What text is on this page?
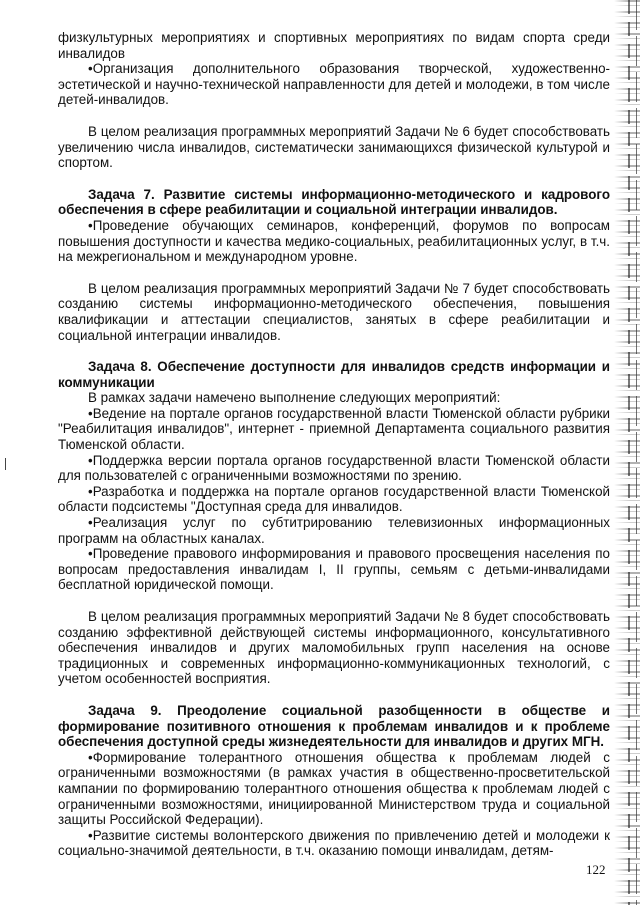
физкультурных мероприятиях и спортивных мероприятиях по видам спорта среди инвалидов

•Организация дополнительного образования творческой, художественно-эстетической и научно-технической направленности для детей и молодежи, в том числе детей-инвалидов.

В целом реализация программных мероприятий Задачи № 6 будет способствовать увеличению числа инвалидов, систематически занимающихся физической культурой и спортом.

Задача 7. Развитие системы информационно-методического и кадрового обеспечения в сфере реабилитации и социальной интеграции инвалидов.

•Проведение обучающих семинаров, конференций, форумов по вопросам повышения доступности и качества медико-социальных, реабилитационных услуг, в т.ч. на межрегиональном и международном уровне.

В целом реализация программных мероприятий Задачи № 7 будет способствовать созданию системы информационно-методического обеспечения, повышения квалификации и аттестации специалистов, занятых в сфере реабилитации и социальной интеграции инвалидов.

Задача 8. Обеспечение доступности для инвалидов средств информации и коммуникации

В рамках задачи намечено выполнение следующих мероприятий:

•Ведение на портале органов государственной власти Тюменской области рубрики "Реабилитация инвалидов", интернет - приемной Департамента социального развития Тюменской области.

•Поддержка версии портала органов государственной власти Тюменской области для пользователей с ограниченными возможностями по зрению.

•Разработка и поддержка на портале органов государственной власти Тюменской области подсистемы "Доступная среда для инвалидов.

•Реализация услуг по субтитрированию телевизионных информационных программ на областных каналах.

•Проведение правового информирования и правового просвещения населения по вопросам предоставления инвалидам I, II группы, семьям с детьми-инвалидами бесплатной юридической помощи.

В целом реализация программных мероприятий Задачи № 8 будет способствовать созданию эффективной действующей системы информационного, консультативного обеспечения инвалидов и других маломобильных групп населения на основе традиционных и современных информационно-коммуникационных технологий, с учетом особенностей восприятия.

Задача 9. Преодоление социальной разобщенности в обществе и формирование позитивного отношения к проблемам инвалидов и к проблеме обеспечения доступной среды жизнедеятельности для инвалидов и других МГН.

•Формирование толерантного отношения общества к проблемам людей с ограниченными возможностями (в рамках участия в общественно-просветительской кампании по формированию толерантного отношения общества к проблемам людей с ограниченными возможностями, инициированной Министерством труда и социальной защиты Российской Федерации).

•Развитие системы волонтерского движения по привлечению детей и молодежи к социально-значимой деятельности, в т.ч. оказанию помощи инвалидам, детям-

122
